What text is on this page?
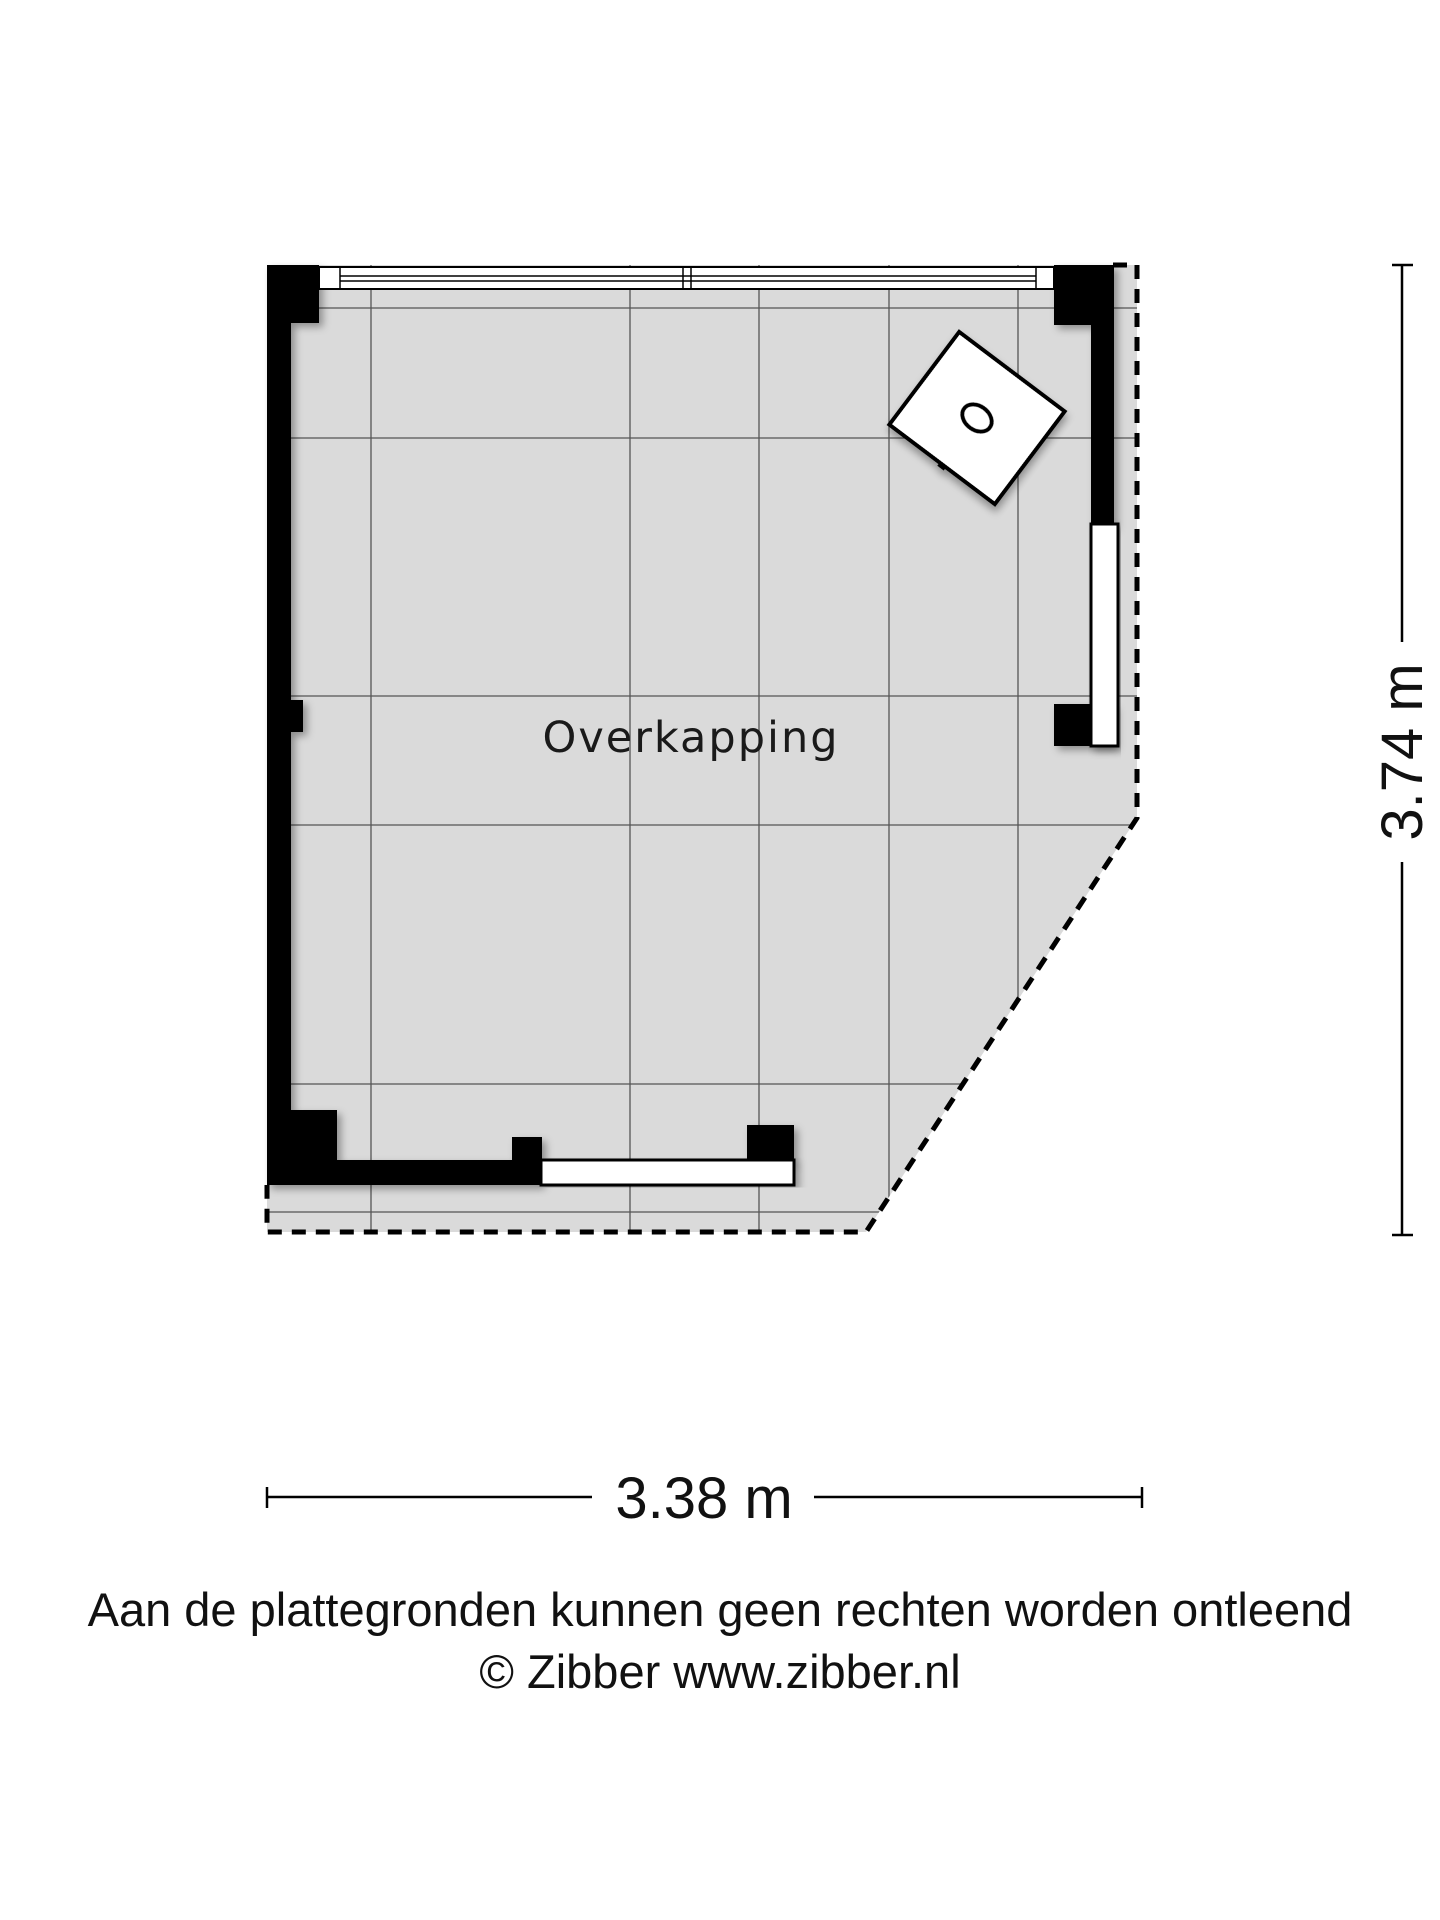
Overkapping
3.38 m
3.74 m

Aan de plattegronden kunnen geen rechten worden ontleend

© Zibber www.zibber.nl
